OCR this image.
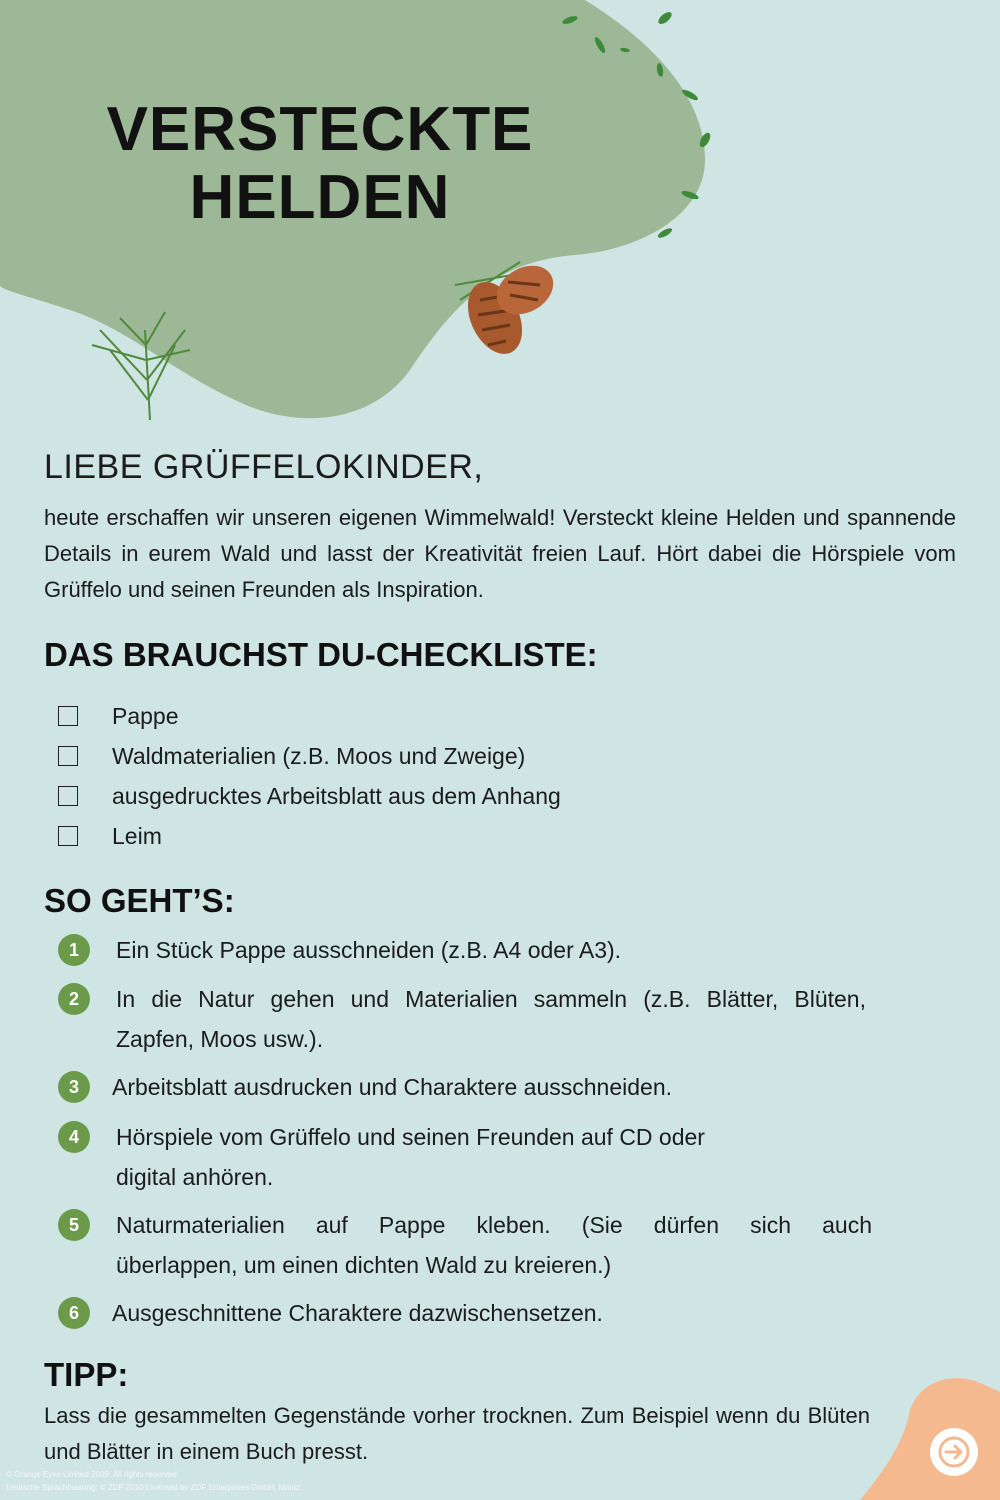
VERSTECKTE
HELDEN

LIEBE GRÜFFELOKINDER,

heute erschaffen wir unseren eigenen Wimmelwald! Versteckt kleine Helden und spannende Details in eurem Wald und lasst der Kreativität freien Lauf. Hört dabei die Hörspiele vom Grüffelo und seinen Freunden als Inspiration.

DAS BRAUCHST DU-CHECKLISTE:
Pappe
Waldmaterialien (z.B. Moos und Zweige)
ausgedrucktes Arbeitsblatt aus dem Anhang
Leim
SO GEHT’S:
1	Ein Stück Pappe ausschneiden (z.B. A4 oder A3).
2	In die Natur gehen und Materialien sammeln (z.B. Blätter, Blüten,
Zapfen, Moos usw.).
3	Arbeitsblatt ausdrucken und Charaktere ausschneiden.
4	Hörspiele vom Grüffelo und seinen Freunden auf CD oder
digital anhören.
5	Naturmaterialien auf Pappe kleben. (Sie dürfen sich auch
überlappen, um einen dichten Wald zu kreieren.)
6	Ausgeschnittene Charaktere dazwischensetzen.
TIPP:

Lass die gesammelten Gegenstände vorher trocknen. Zum Beispiel wenn du Blüten und Blätter in einem Buch presst.

© Orange Eyes Limited 2009. All rights reserved
Deutsche Sprachfassung: © ZDF 2010 Licensed by ZDF Enterprises GmbH, Mainz
